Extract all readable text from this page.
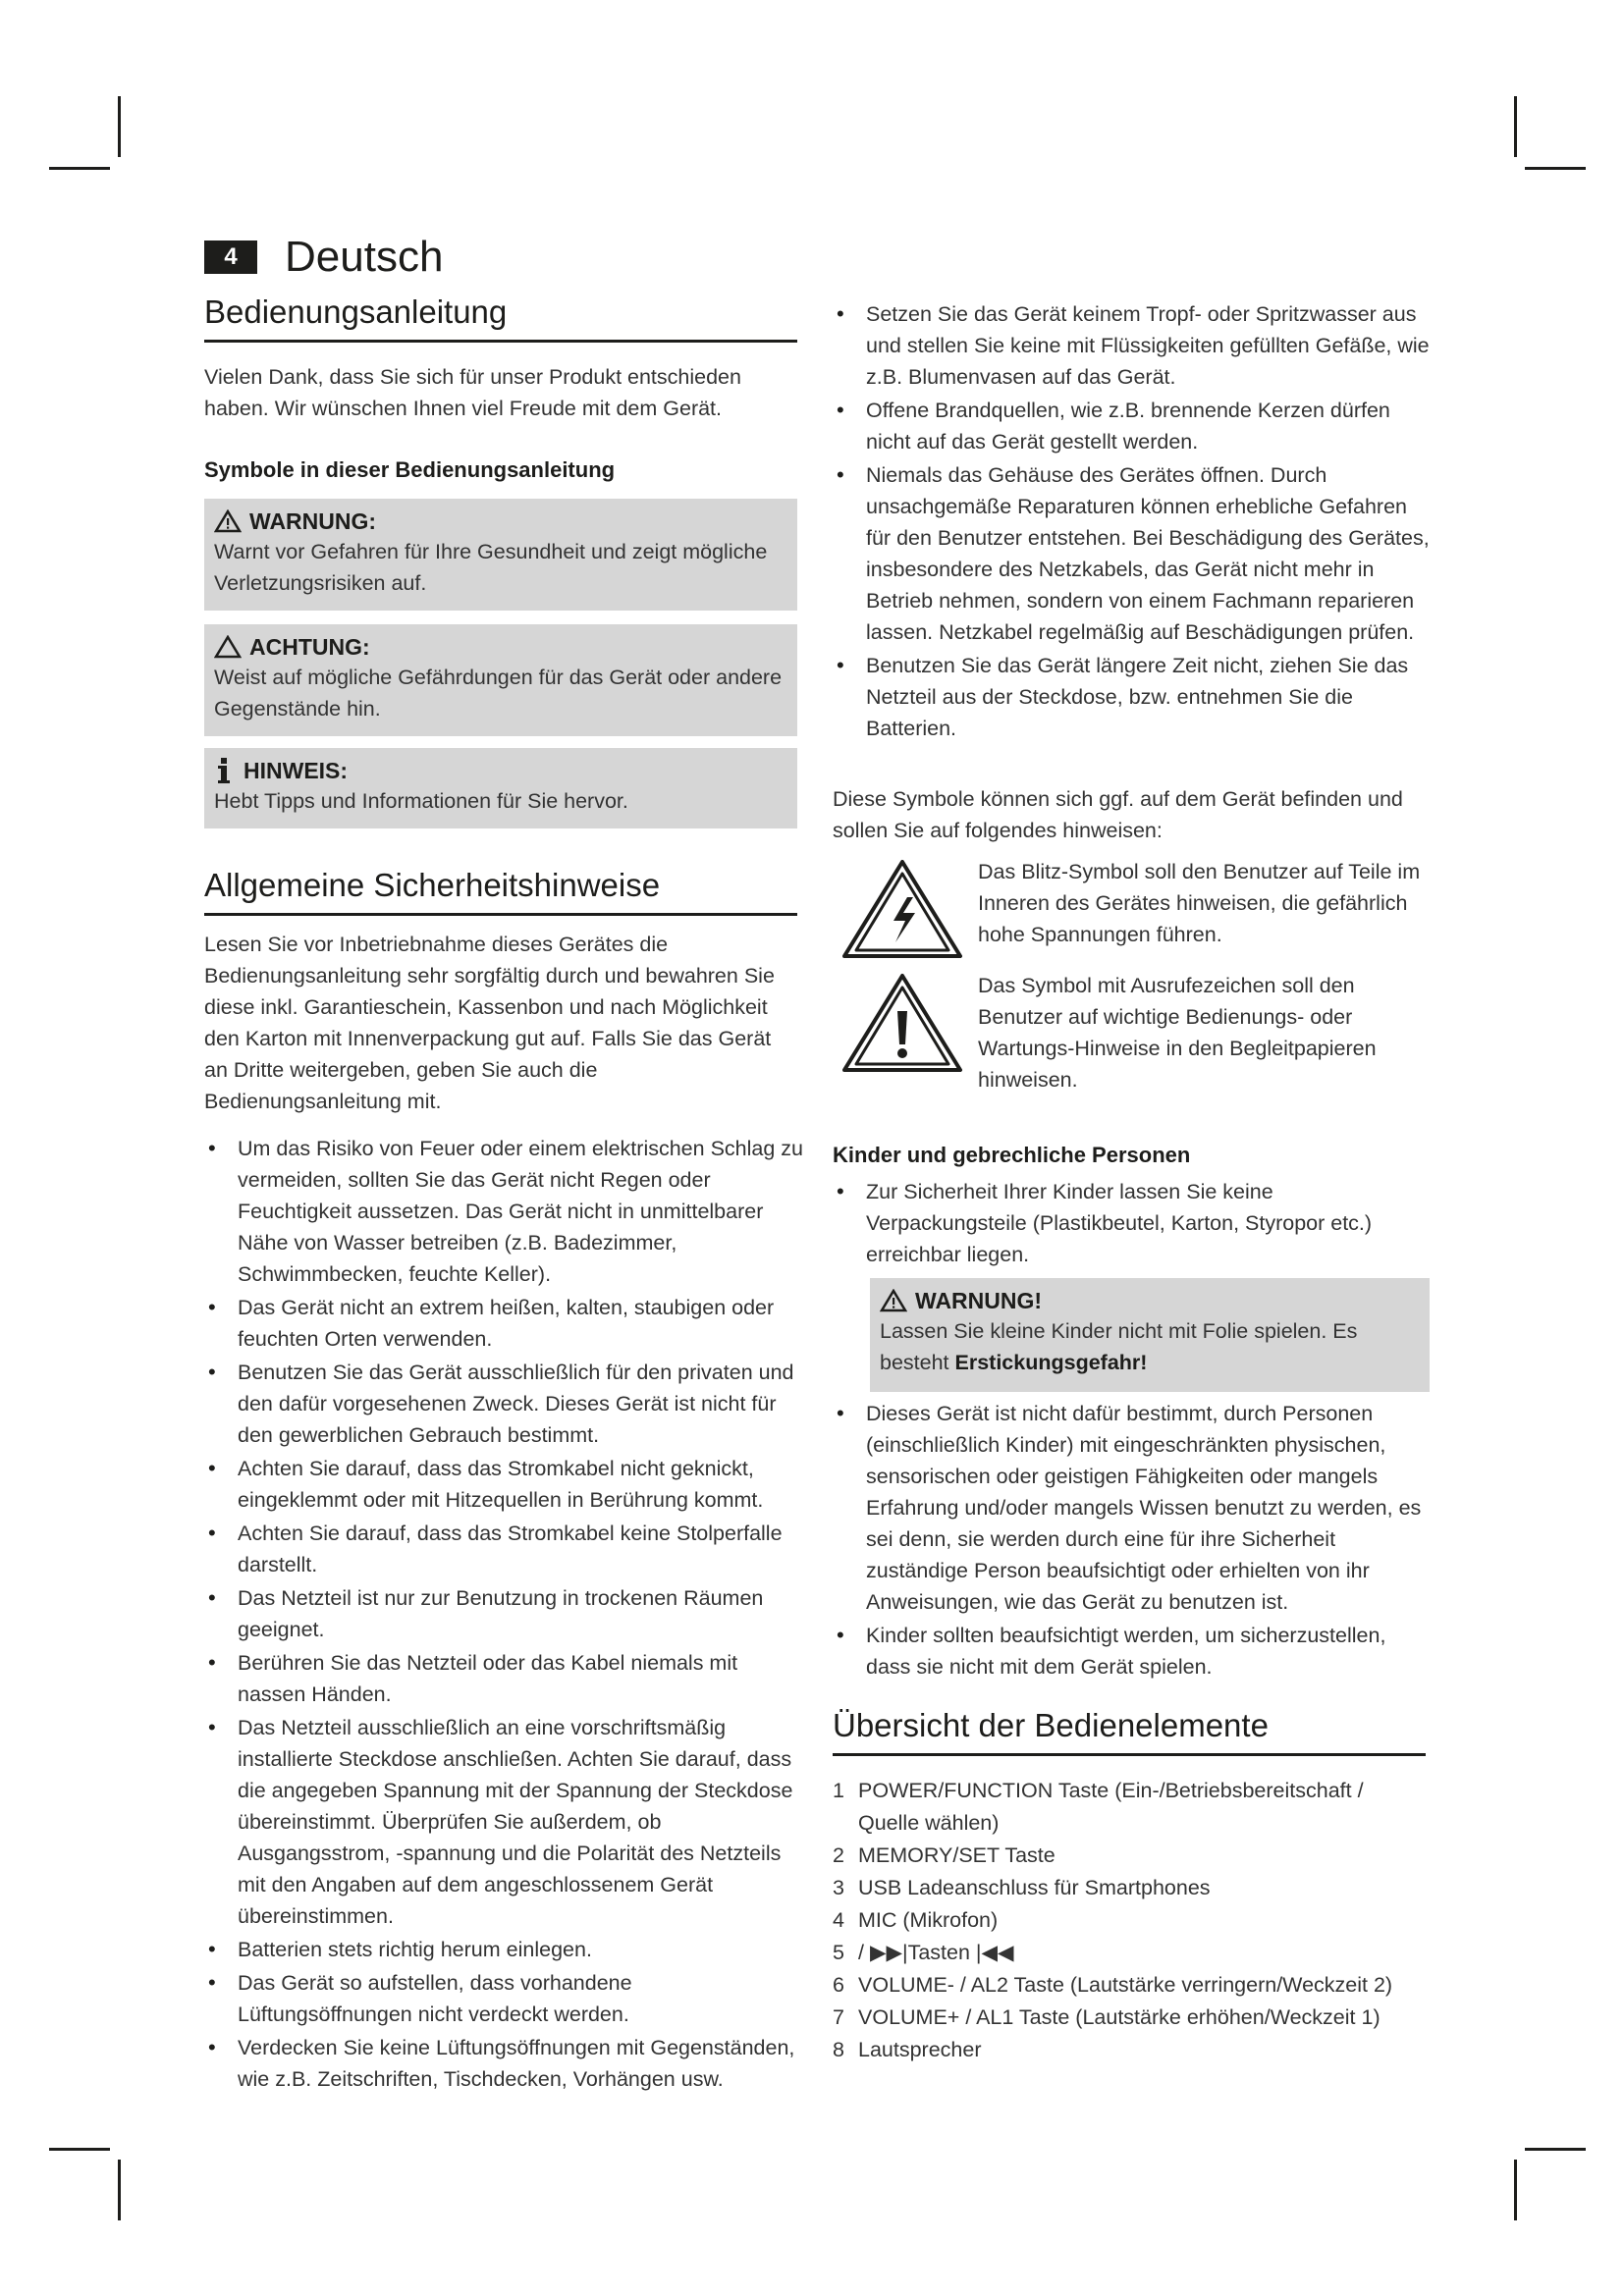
4	Deutsch
Bedienungsanleitung
Vielen Dank, dass Sie sich für unser Produkt entschieden haben. Wir wünschen Ihnen viel Freude mit dem Gerät.
Symbole in dieser Bedienungsanleitung
WARNUNG:
Warnt vor Gefahren für Ihre Gesundheit und zeigt mögliche Verletzungsrisiken auf.
ACHTUNG:
Weist auf mögliche Gefährdungen für das Gerät oder andere Gegenstände hin.
HINWEIS:
Hebt Tipps und Informationen für Sie hervor.
Allgemeine Sicherheitshinweise
Lesen Sie vor Inbetriebnahme dieses Gerätes die Bedienungsanleitung sehr sorgfältig durch und bewahren Sie diese inkl. Garantieschein, Kassenbon und nach Möglichkeit den Karton mit Innenverpackung gut auf. Falls Sie das Gerät an Dritte weitergeben, geben Sie auch die Bedienungsanleitung mit.
• Um das Risiko von Feuer oder einem elektrischen Schlag zu vermeiden, sollten Sie das Gerät nicht Regen oder Feuchtigkeit aussetzen. Das Gerät nicht in unmittelbarer Nähe von Wasser betreiben (z.B. Badezimmer, Schwimmbecken, feuchte Keller).
• Das Gerät nicht an extrem heißen, kalten, staubigen oder feuchten Orten verwenden.
• Benutzen Sie das Gerät ausschließlich für den privaten und den dafür vorgesehenen Zweck. Dieses Gerät ist nicht für den gewerblichen Gebrauch bestimmt.
• Achten Sie darauf, dass das Stromkabel nicht geknickt, eingeklemmt oder mit Hitzequellen in Berührung kommt.
• Achten Sie darauf, dass das Stromkabel keine Stolperfalle darstellt.
• Das Netzteil ist nur zur Benutzung in trockenen Räumen geeignet.
• Berühren Sie das Netzteil oder das Kabel niemals mit nassen Händen.
• Das Netzteil ausschließlich an eine vorschriftsmäßig installierte Steckdose anschließen. Achten Sie darauf, dass die angegeben Spannung mit der Spannung der Steckdose übereinstimmt. Überprüfen Sie außerdem, ob Ausgangsstrom, -spannung und die Polarität des Netzteils mit den Angaben auf dem angeschlossenem Gerät übereinstimmen.
• Batterien stets richtig herum einlegen.
• Das Gerät so aufstellen, dass vorhandene Lüftungsöffnungen nicht verdeckt werden.
• Verdecken Sie keine Lüftungsöffnungen mit Gegenständen, wie z.B. Zeitschriften, Tischdecken, Vorhängen usw.
• Setzen Sie das Gerät keinem Tropf- oder Spritzwasser aus und stellen Sie keine mit Flüssigkeiten gefüllten Gefäße, wie z.B. Blumenvasen auf das Gerät.
• Offene Brandquellen, wie z.B. brennende Kerzen dürfen nicht auf das Gerät gestellt werden.
• Niemals das Gehäuse des Gerätes öffnen. Durch unsachgemäße Reparaturen können erhebliche Gefahren für den Benutzer entstehen. Bei Beschädigung des Gerätes, insbesondere des Netzkabels, das Gerät nicht mehr in Betrieb nehmen, sondern von einem Fachmann reparieren lassen. Netzkabel regelmäßig auf Beschädigungen prüfen.
• Benutzen Sie das Gerät längere Zeit nicht, ziehen Sie das Netzteil aus der Steckdose, bzw. entnehmen Sie die Batterien.
Diese Symbole können sich ggf. auf dem Gerät befinden und sollen Sie auf folgendes hinweisen:
Das Blitz-Symbol soll den Benutzer auf Teile im Inneren des Gerätes hinweisen, die gefährlich hohe Spannungen führen.
Das Symbol mit Ausrufezeichen soll den Benutzer auf wichtige Bedienungs- oder Wartungs-Hinweise in den Begleitpapieren hinweisen.
Kinder und gebrechliche Personen
• Zur Sicherheit Ihrer Kinder lassen Sie keine Verpackungsteile (Plastikbeutel, Karton, Styropor etc.) erreichbar liegen.
WARNUNG!
Lassen Sie kleine Kinder nicht mit Folie spielen. Es besteht Erstickungsgefahr!
• Dieses Gerät ist nicht dafür bestimmt, durch Personen (einschließlich Kinder) mit eingeschränkten physischen, sensorischen oder geistigen Fähigkeiten oder mangels Erfahrung und/oder mangels Wissen benutzt zu werden, es sei denn, sie werden durch eine für ihre Sicherheit zuständige Person beaufsichtigt oder erhielten von ihr Anweisungen, wie das Gerät zu benutzen ist.
• Kinder sollten beaufsichtigt werden, um sicherzustellen, dass sie nicht mit dem Gerät spielen.
Übersicht der Bedienelemente
1 POWER/FUNCTION Taste (Ein-/Betriebsbereitschaft / Quelle wählen)
2 MEMORY/SET Taste
3 USB Ladeanschluss für Smartphones
4 MIC (Mikrofon)
5 / ▶▶|Tasten |◀◀
6 VOLUME- / AL2 Taste (Lautstärke verringern/Weckzeit 2)
7 VOLUME+ / AL1 Taste (Lautstärke erhöhen/Weckzeit 1)
8 Lautsprecher
